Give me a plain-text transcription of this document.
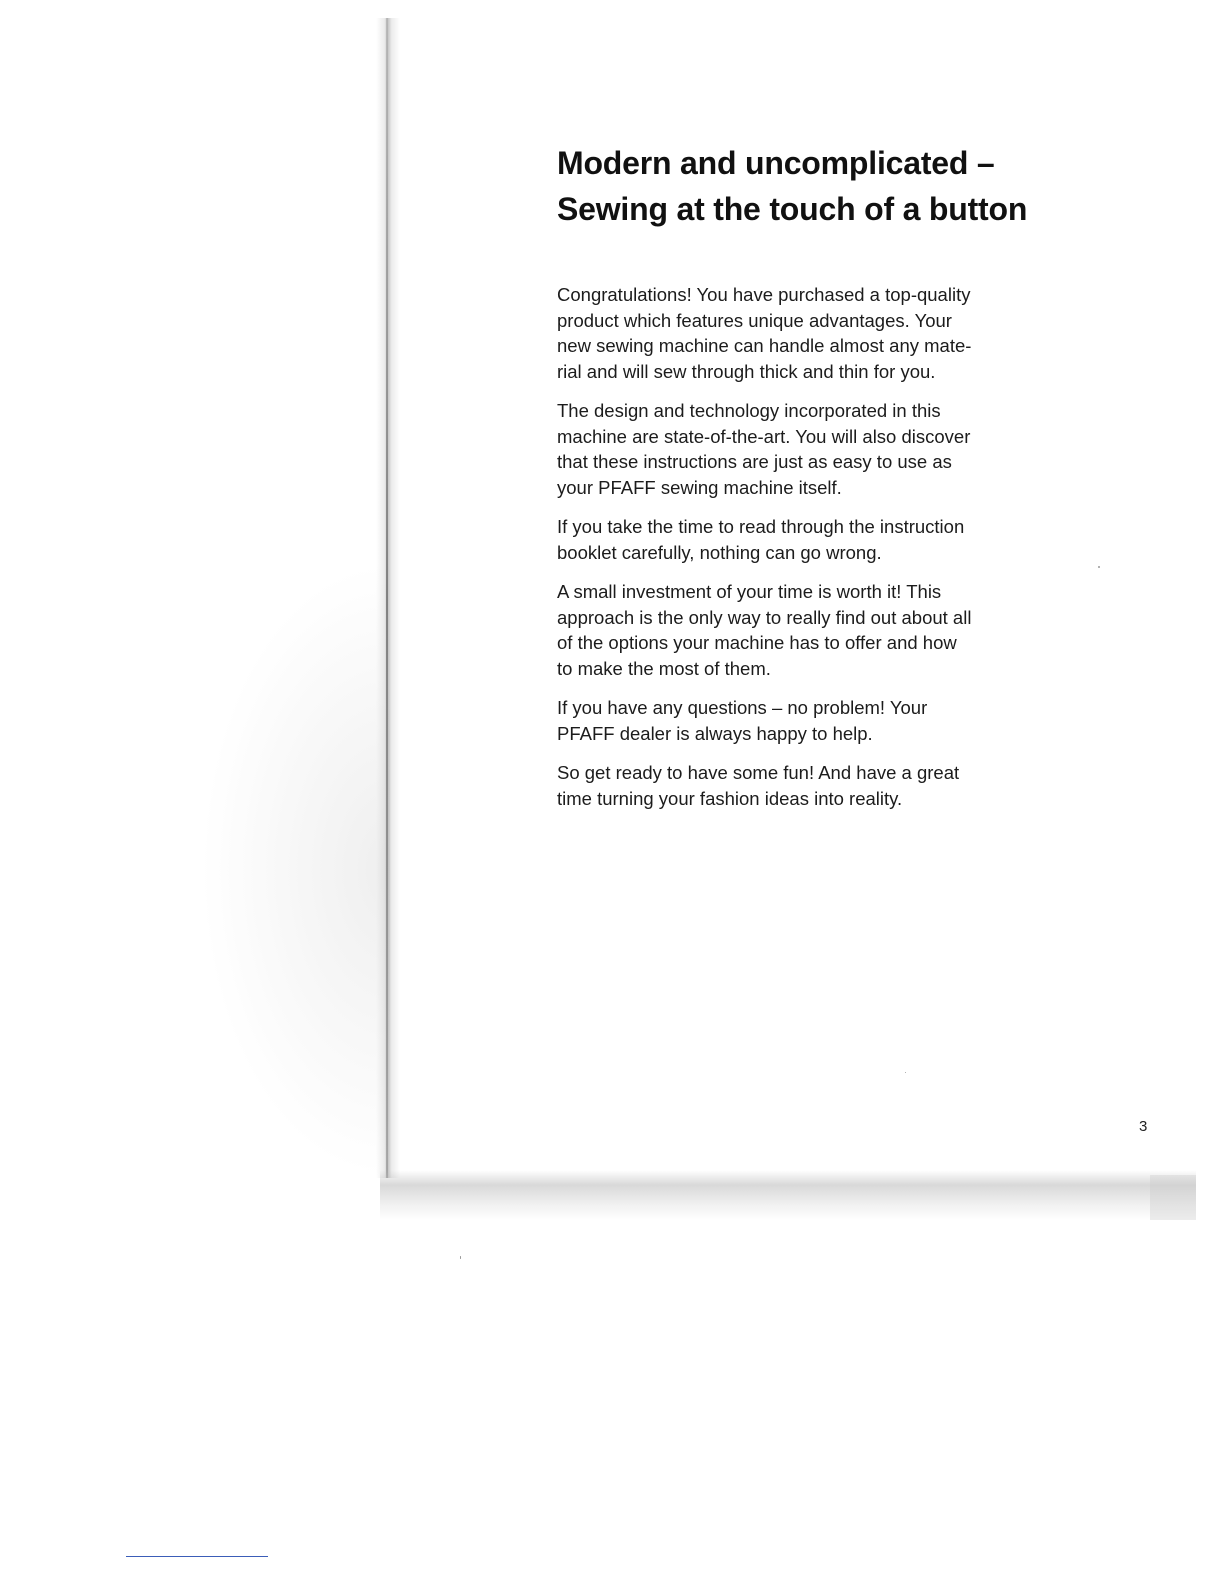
Modern and uncomplicated –
Sewing at the touch of a button

Congratulations! You have purchased a top-quality
product which features unique advantages. Your
new sewing machine can handle almost any mate-
rial and will sew through thick and thin for you.

The design and technology incorporated in this
machine are state-of-the-art. You will also discover
that these instructions are just as easy to use as
your PFAFF sewing machine itself.

If you take the time to read through the instruction
booklet carefully, nothing can go wrong.

A small investment of your time is worth it! This
approach is the only way to really find out about all
of the options your machine has to offer and how
to make the most of them.

If you have any questions – no problem! Your
PFAFF dealer is always happy to help.

So get ready to have some fun! And have a great
time turning your fashion ideas into reality.

3
